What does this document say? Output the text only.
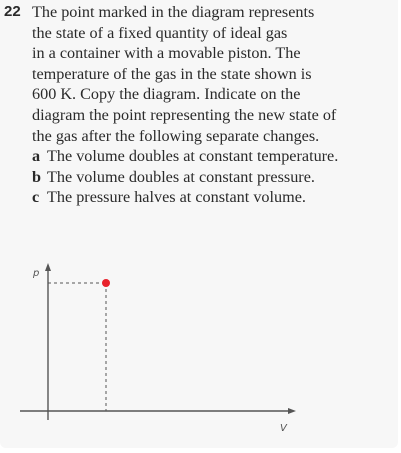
22 The point marked in the diagram represents
the state of a fixed quantity of ideal gas
in a container with a movable piston. The
temperature of the gas in the state shown is
600 K. Copy the diagram. Indicate on the
diagram the point representing the new state of
the gas after the following separate changes.
a The volume doubles at constant temperature.
b The volume doubles at constant pressure.
c The pressure halves at constant volume.
p
V
